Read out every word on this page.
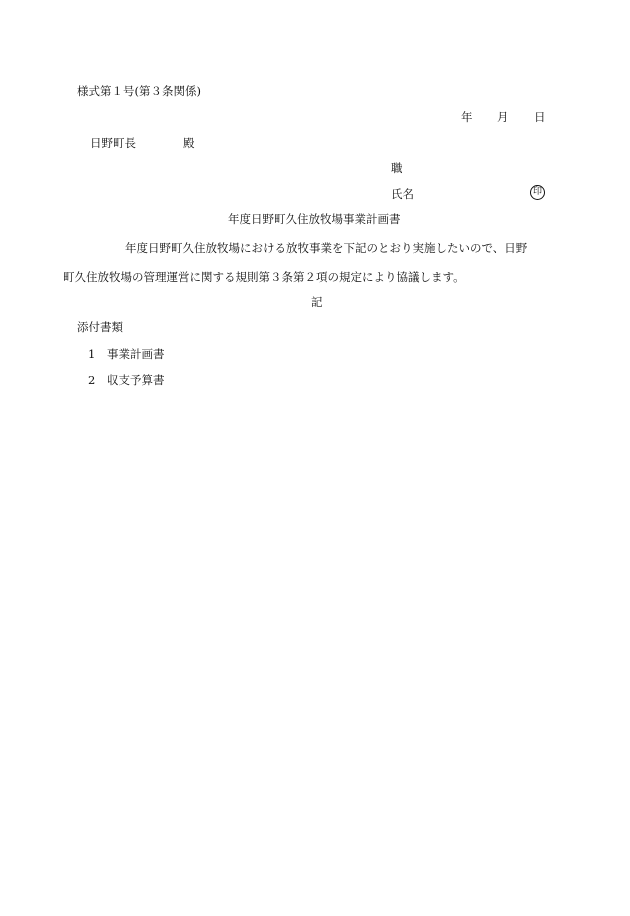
様式第１号(第３条関係)
年 月 日
日野町長	殿
職
氏名	印
年度日野町久住放牧場事業計画書
年度日野町久住放牧場における放牧事業を下記のとおり実施したいので、日野
町久住放牧場の管理運営に関する規則第３条第２項の規定により協議します。
記
添付書類
1 事業計画書
2 収支予算書
